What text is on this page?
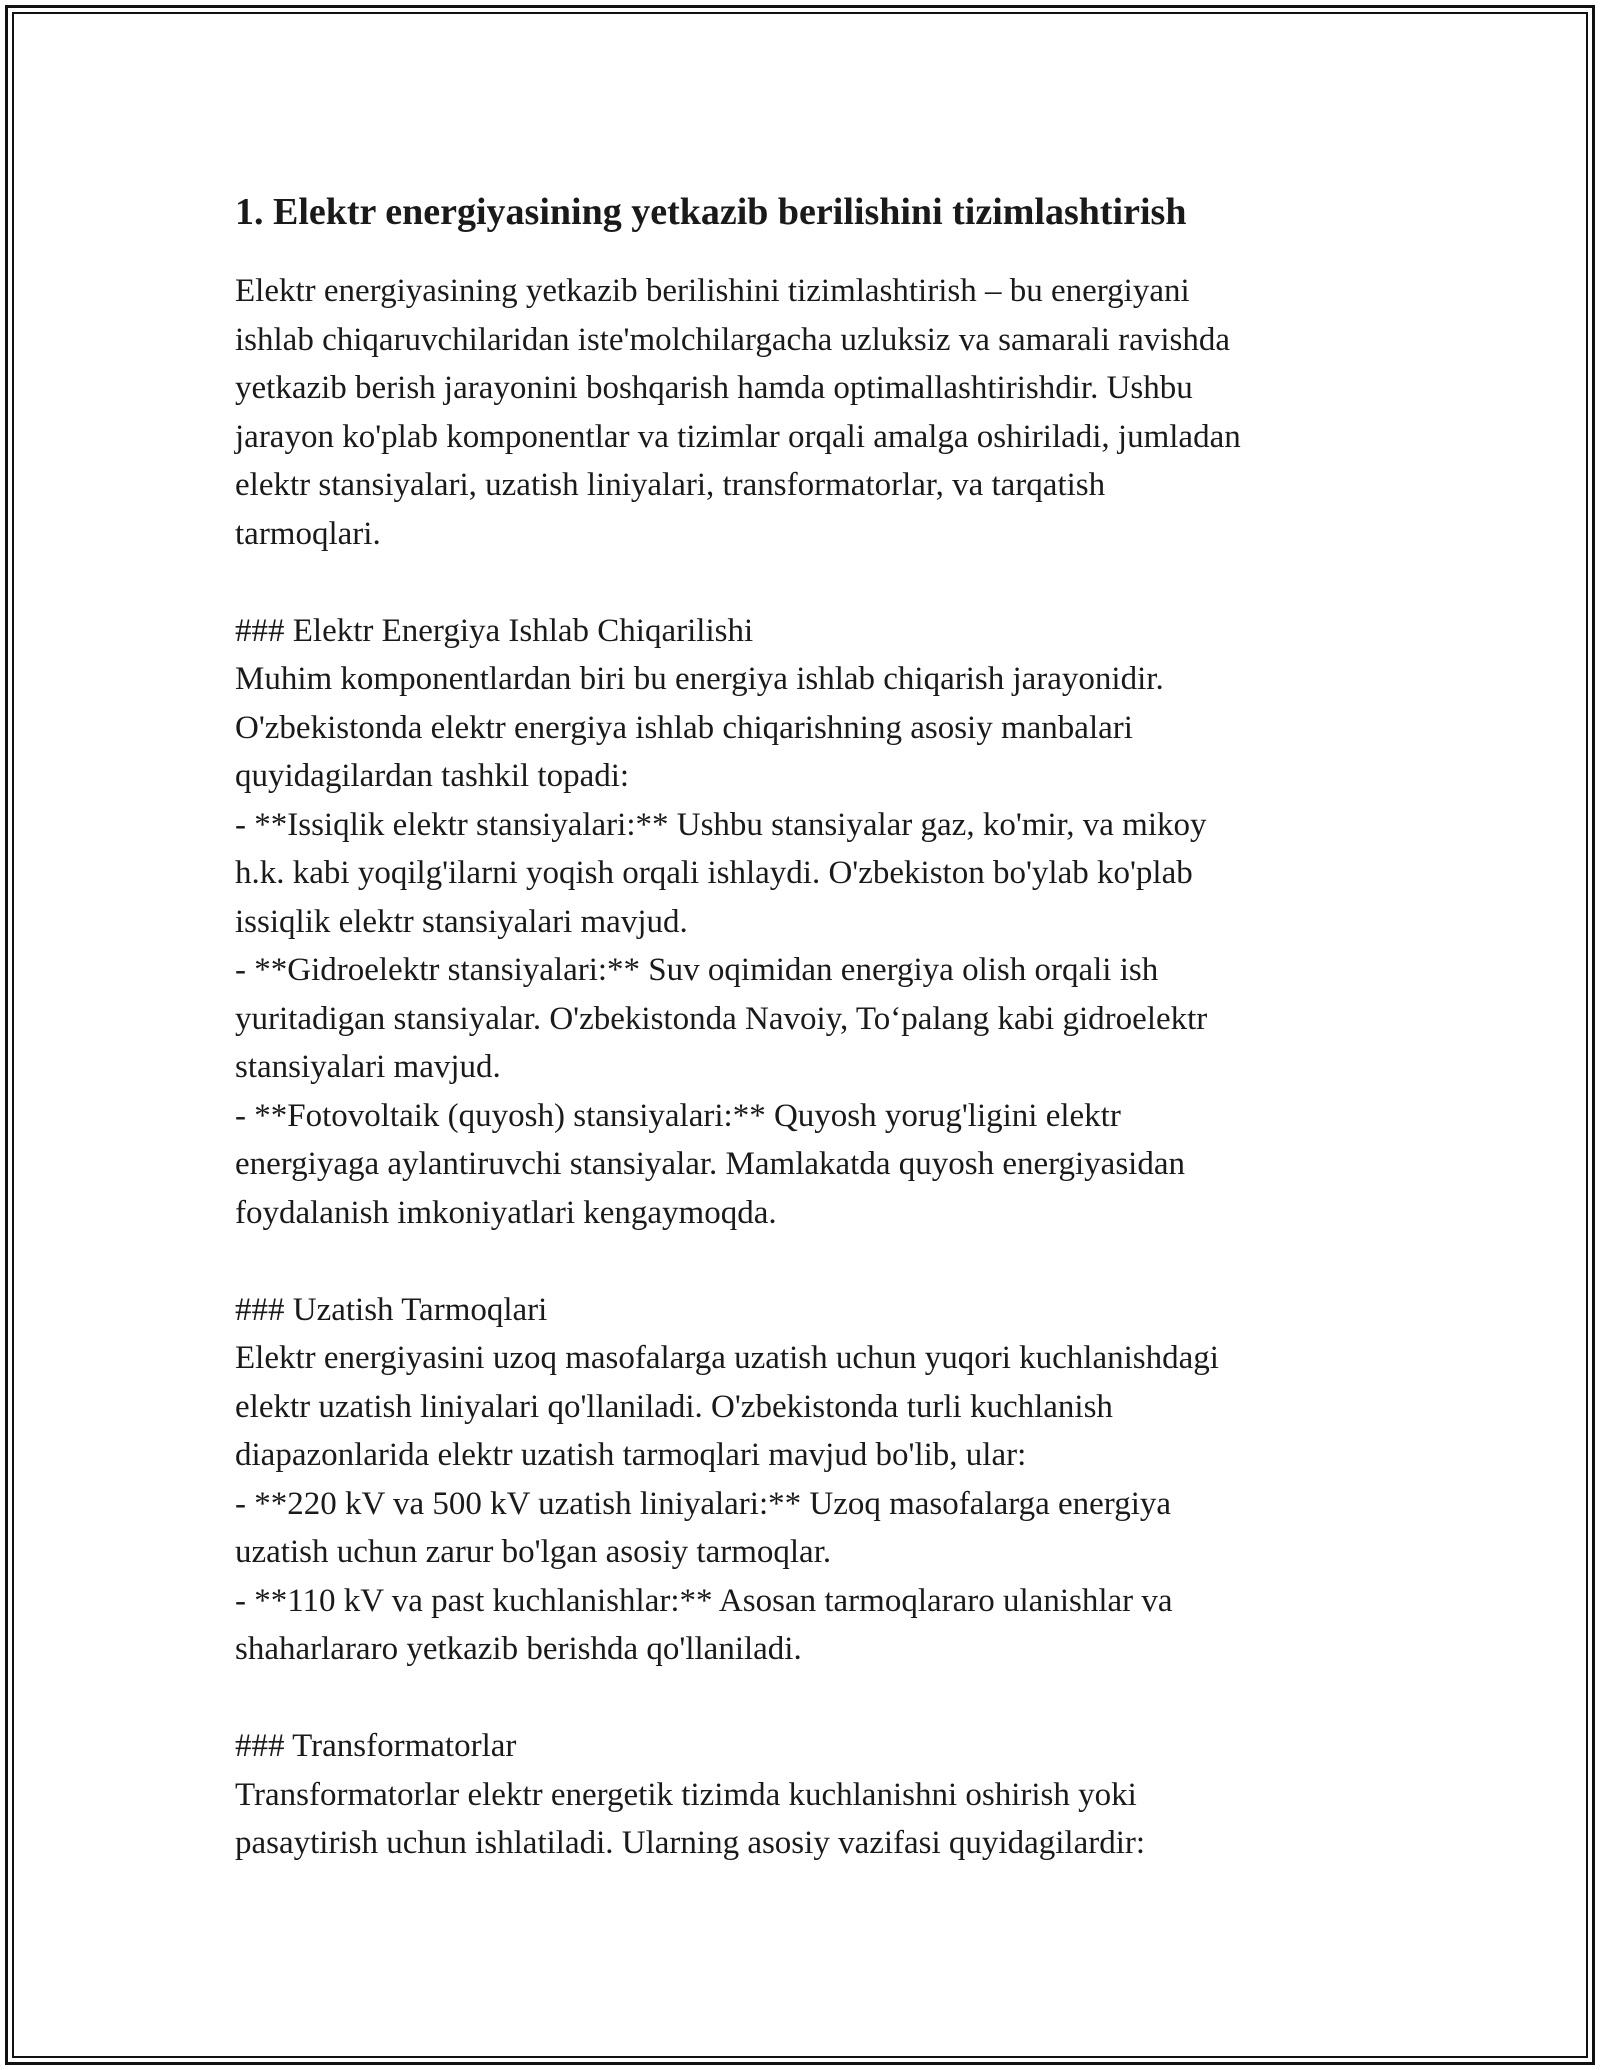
1. Elektr energiyasining yetkazib berilishini tizimlashtirish

Elektr energiyasining yetkazib berilishini tizimlashtirish – bu energiyani

ishlab chiqaruvchilaridan iste'molchilargacha uzluksiz va samarali ravishda

yetkazib berish jarayonini boshqarish hamda optimallashtirishdir. Ushbu

jarayon ko'plab komponentlar va tizimlar orqali amalga oshiriladi, jumladan

elektr stansiyalari, uzatish liniyalari, transformatorlar, va tarqatish

tarmoqlari.

### Elektr Energiya Ishlab Chiqarilishi

Muhim komponentlardan biri bu energiya ishlab chiqarish jarayonidir.

O'zbekistonda elektr energiya ishlab chiqarishning asosiy manbalari

quyidagilardan tashkil topadi:

- **Issiqlik elektr stansiyalari:** Ushbu stansiyalar gaz, ko'mir, va mikoy

h.k. kabi yoqilg'ilarni yoqish orqali ishlaydi. O'zbekiston bo'ylab ko'plab

issiqlik elektr stansiyalari mavjud.

- **Gidroelektr stansiyalari:** Suv oqimidan energiya olish orqali ish

yuritadigan stansiyalar. O'zbekistonda Navoiy, To‘palang kabi gidroelektr

stansiyalari mavjud.

- **Fotovoltaik (quyosh) stansiyalari:** Quyosh yorug'ligini elektr

energiyaga aylantiruvchi stansiyalar. Mamlakatda quyosh energiyasidan

foydalanish imkoniyatlari kengaymoqda.

### Uzatish Tarmoqlari

Elektr energiyasini uzoq masofalarga uzatish uchun yuqori kuchlanishdagi

elektr uzatish liniyalari qo'llaniladi. O'zbekistonda turli kuchlanish

diapazonlarida elektr uzatish tarmoqlari mavjud bo'lib, ular:

- **220 kV va 500 kV uzatish liniyalari:** Uzoq masofalarga energiya

uzatish uchun zarur bo'lgan asosiy tarmoqlar.

- **110 kV va past kuchlanishlar:** Asosan tarmoqlararo ulanishlar va

shaharlararo yetkazib berishda qo'llaniladi.

### Transformatorlar

Transformatorlar elektr energetik tizimda kuchlanishni oshirish yoki

pasaytirish uchun ishlatiladi. Ularning asosiy vazifasi quyidagilardir:
